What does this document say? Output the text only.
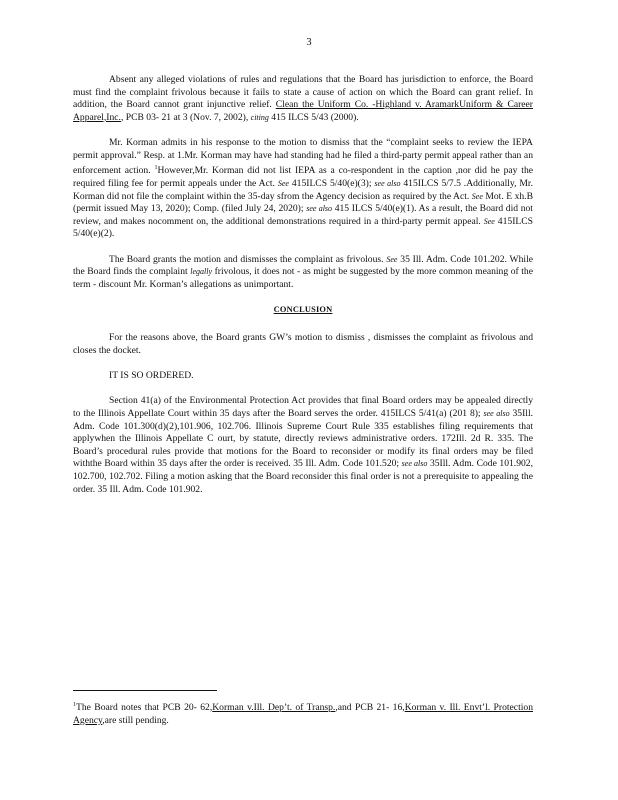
3

Absent any alleged violations of rules and regulations that the Board has jurisdiction to enforce, the Board must find the complaint frivolous because it fails to state a cause of action on which the Board can grant relief. In addition, the Board cannot grant injunctive relief. Clean the Uniform Co. -Highland v. AramarkUniform & Career Apparel,Inc., PCB 03- 21 at 3 (Nov. 7, 2002), citing 415 ILCS 5/43 (2000).

Mr. Korman admits in his response to the motion to dismiss that the “complaint seeks to review the IEPA permit approval.” Resp. at 1.Mr. Korman may have had standing had he filed a third-party permit appeal rather than an enforcement action. $^1$However,Mr. Korman did not list IEPA as a co-respondent in the caption ,nor did he pay the required filing fee for permit appeals under the Act. See 415ILCS 5/40(e)(3); see also 415ILCS 5/7.5 .Additionally, Mr. Korman did not file the complaint within the 35-day sfrom the Agency decision as required by the Act. See Mot. E xh.B (permit issued May 13, 2020); Comp. (filed July 24, 2020); see also 415 ILCS 5/40(e)(1). As a result, the Board did not review, and makes nocomment on, the additional demonstrations required in a third-party permit appeal. See 415ILCS 5/40(e)(2).

The Board grants the motion and dismisses the complaint as frivolous. See 35 Ill. Adm. Code 101.202. While the Board finds the complaint legally frivolous, it does not - as might be suggested by the more common meaning of the term - discount Mr. Korman’s allegations as unimportant.

CONCLUSION

For the reasons above, the Board grants GW’s motion to dismiss , dismisses the complaint as frivolous and closes the docket.

IT IS SO ORDERED.

Section 41(a) of the Environmental Protection Act provides that final Board orders may be appealed directly to the Illinois Appellate Court within 35 days after the Board serves the order. 415ILCS 5/41(a) (201 8); see also 35Ill. Adm. Code 101.300(d)(2),101.906, 102.706. Illinois Supreme Court Rule 335 establishes filing requirements that applywhen the Illinois Appellate C ourt, by statute, directly reviews administrative orders. 172Ill. 2d R. 335. The Board’s procedural rules provide that motions for the Board to reconsider or modify its final orders may be filed withthe Board within 35 days after the order is received. 35 Ill. Adm. Code 101.520; see also 35Ill. Adm. Code 101.902, 102.700, 102.702. Filing a motion asking that the Board reconsider this final order is not a prerequisite to appealing the order. 35 Ill. Adm. Code 101.902.

$^1$The Board notes that PCB 20- 62,Korman v.Ill. Dep’t. of Transp.,and PCB 21- 16,Korman v. Ill. Envt’l. Protection Agency,are still pending.
